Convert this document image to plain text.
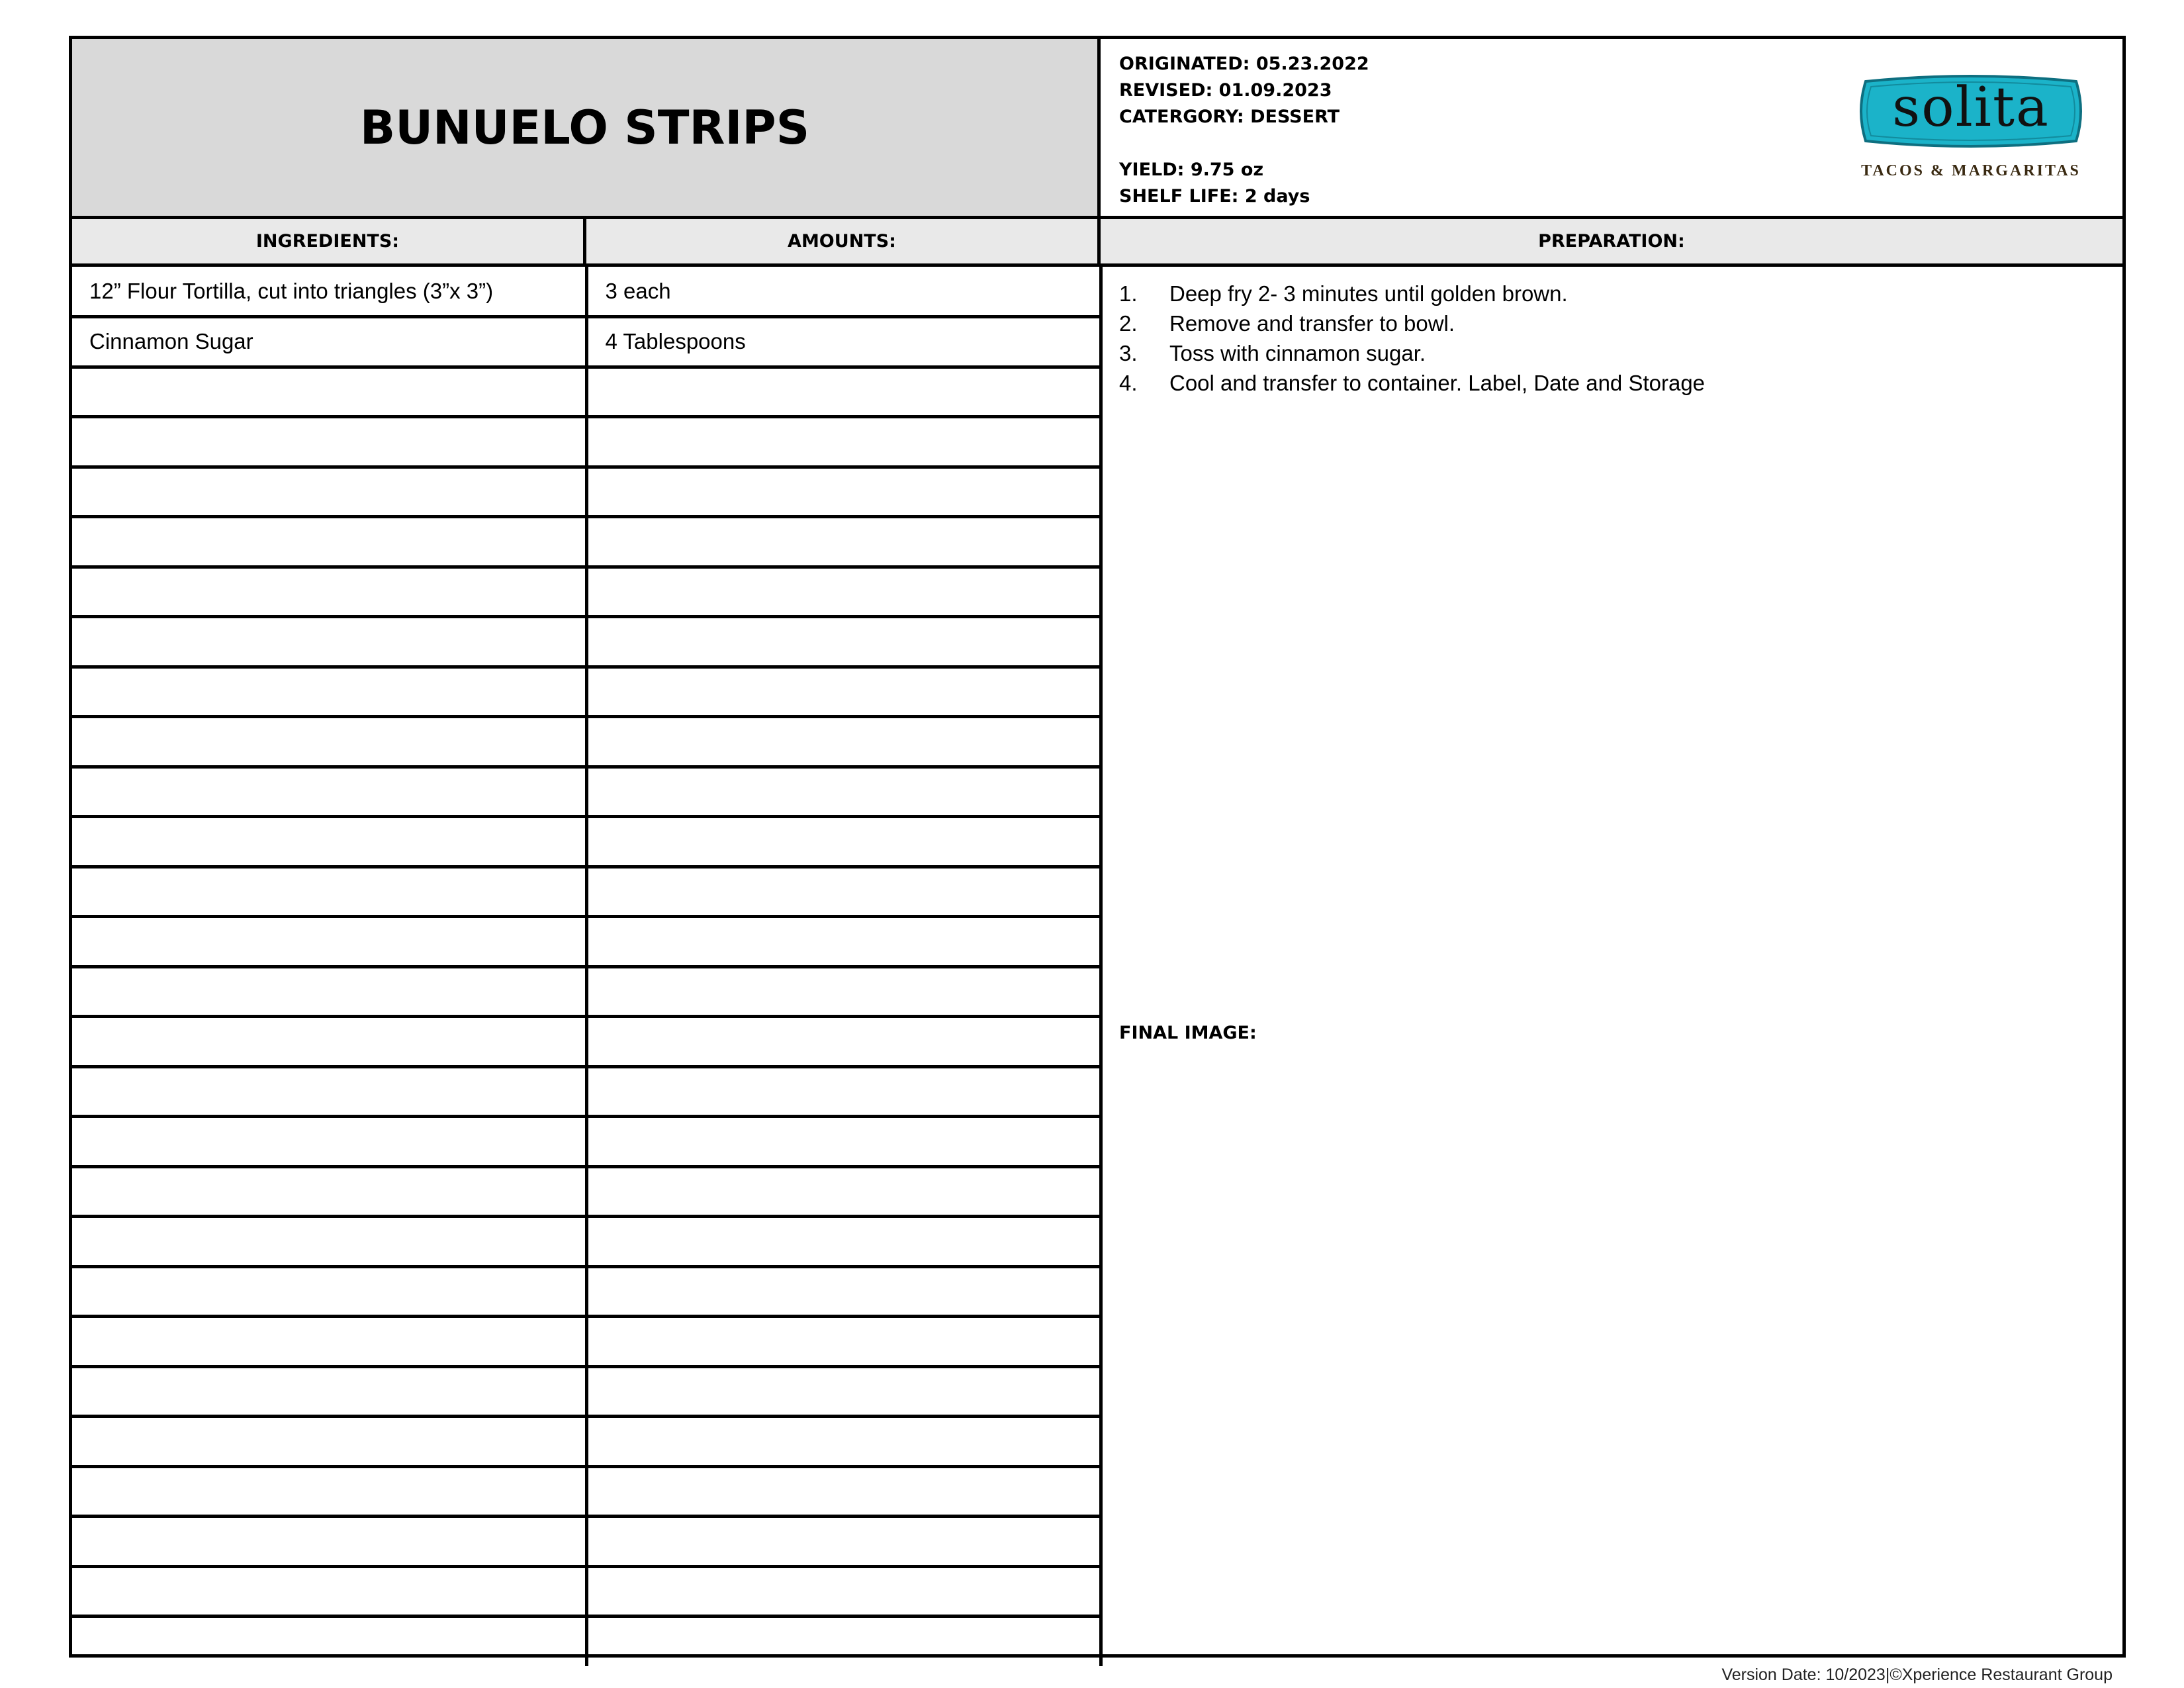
BUNUELO STRIPS
ORIGINATED: 05.23.2022
REVISED: 01.09.2023
CATERGORY: DESSERT
YIELD: 9.75 oz
SHELF LIFE: 2 days
solita
TACOS & MARGARITAS
INGREDIENTS:	AMOUNTS:	PREPARATION:
12” Flour Tortilla, cut into triangles (3”x 3”)	3 each
Cinnamon Sugar	4 Tablespoons

1.	Deep fry 2- 3 minutes until golden brown.
2.	Remove and transfer to bowl.
3.	Toss with cinnamon sugar.
4.	Cool and transfer to container. Label, Date and Storage
FINAL IMAGE:
Version Date: 10/2023|©Xperience Restaurant Group
